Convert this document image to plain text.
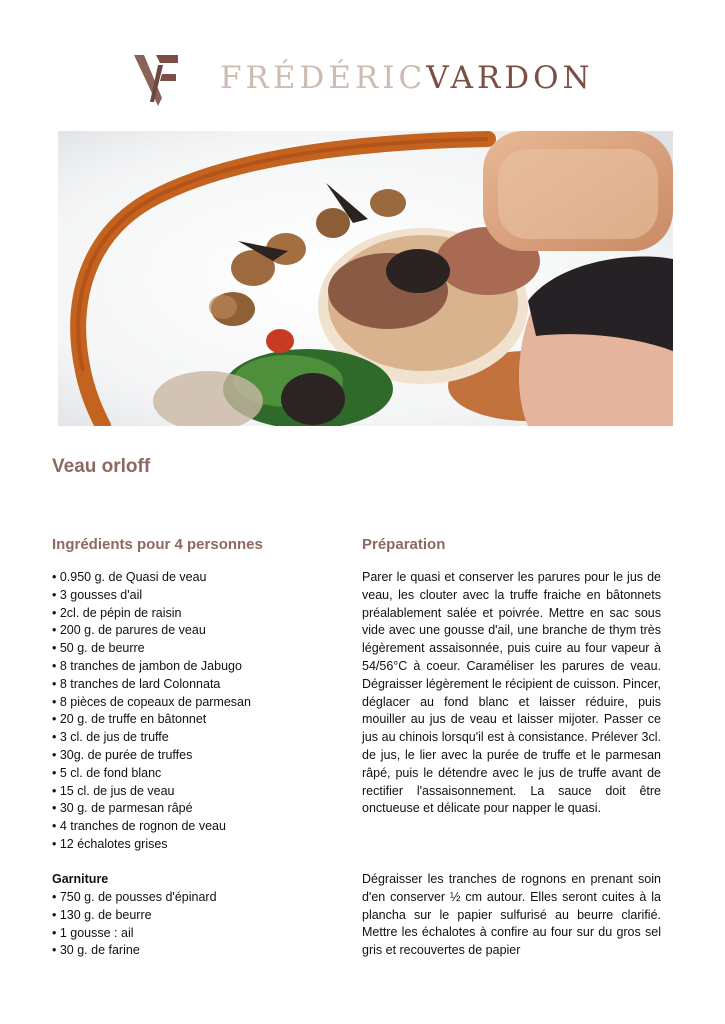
FRÉDÉRICVARDON
Veau orloff
Ingrédients pour 4 personnes	Préparation
• 0.950 g. de Quasi de veau
• 3 gousses d'ail
• 2cl. de pépin de raisin
• 200 g. de parures de veau
• 50 g. de beurre
• 8 tranches de jambon de Jabugo
• 8 tranches de lard Colonnata
• 8 pièces de copeaux de parmesan
• 20 g. de truffe en bâtonnet
• 3 cl. de jus de truffe
• 30g. de purée de truffes
• 5 cl. de fond blanc
• 15 cl. de jus de veau
• 30 g. de parmesan râpé
• 4 tranches de rognon de veau
• 12 échalotes grises
Garniture
• 750 g. de pousses d'épinard
• 130 g. de beurre
• 1 gousse : ail
• 30 g. de farine

Parer le quasi et conserver les parures pour le jus de veau, les clouter avec la truffe fraiche en bâtonnets préalablement salée et poivrée. Mettre en sac sous vide avec une gousse d'ail, une branche de thym très légèrement assaisonnée, puis cuire au four vapeur à 54/56°C à coeur. Caraméliser les parures de veau. Dégraisser légèrement le récipient de cuisson. Pincer, déglacer au fond blanc et laisser réduire, puis mouiller au jus de veau et laisser mijoter. Passer ce jus au chinois lorsqu'il est à consistance. Prélever 3cl. de jus, le lier avec la purée de truffe et le parmesan râpé, puis le détendre avec le jus de truffe avant de rectifier l'assaisonnement. La sauce doit être onctueuse et délicate pour napper le quasi.

Dégraisser les tranches de rognons en prenant soin d'en conserver ½ cm autour. Elles seront cuites à la plancha sur le papier sulfurisé au beurre clarifié. Mettre les échalotes à confire au four sur du gros sel gris et recouvertes de papier
